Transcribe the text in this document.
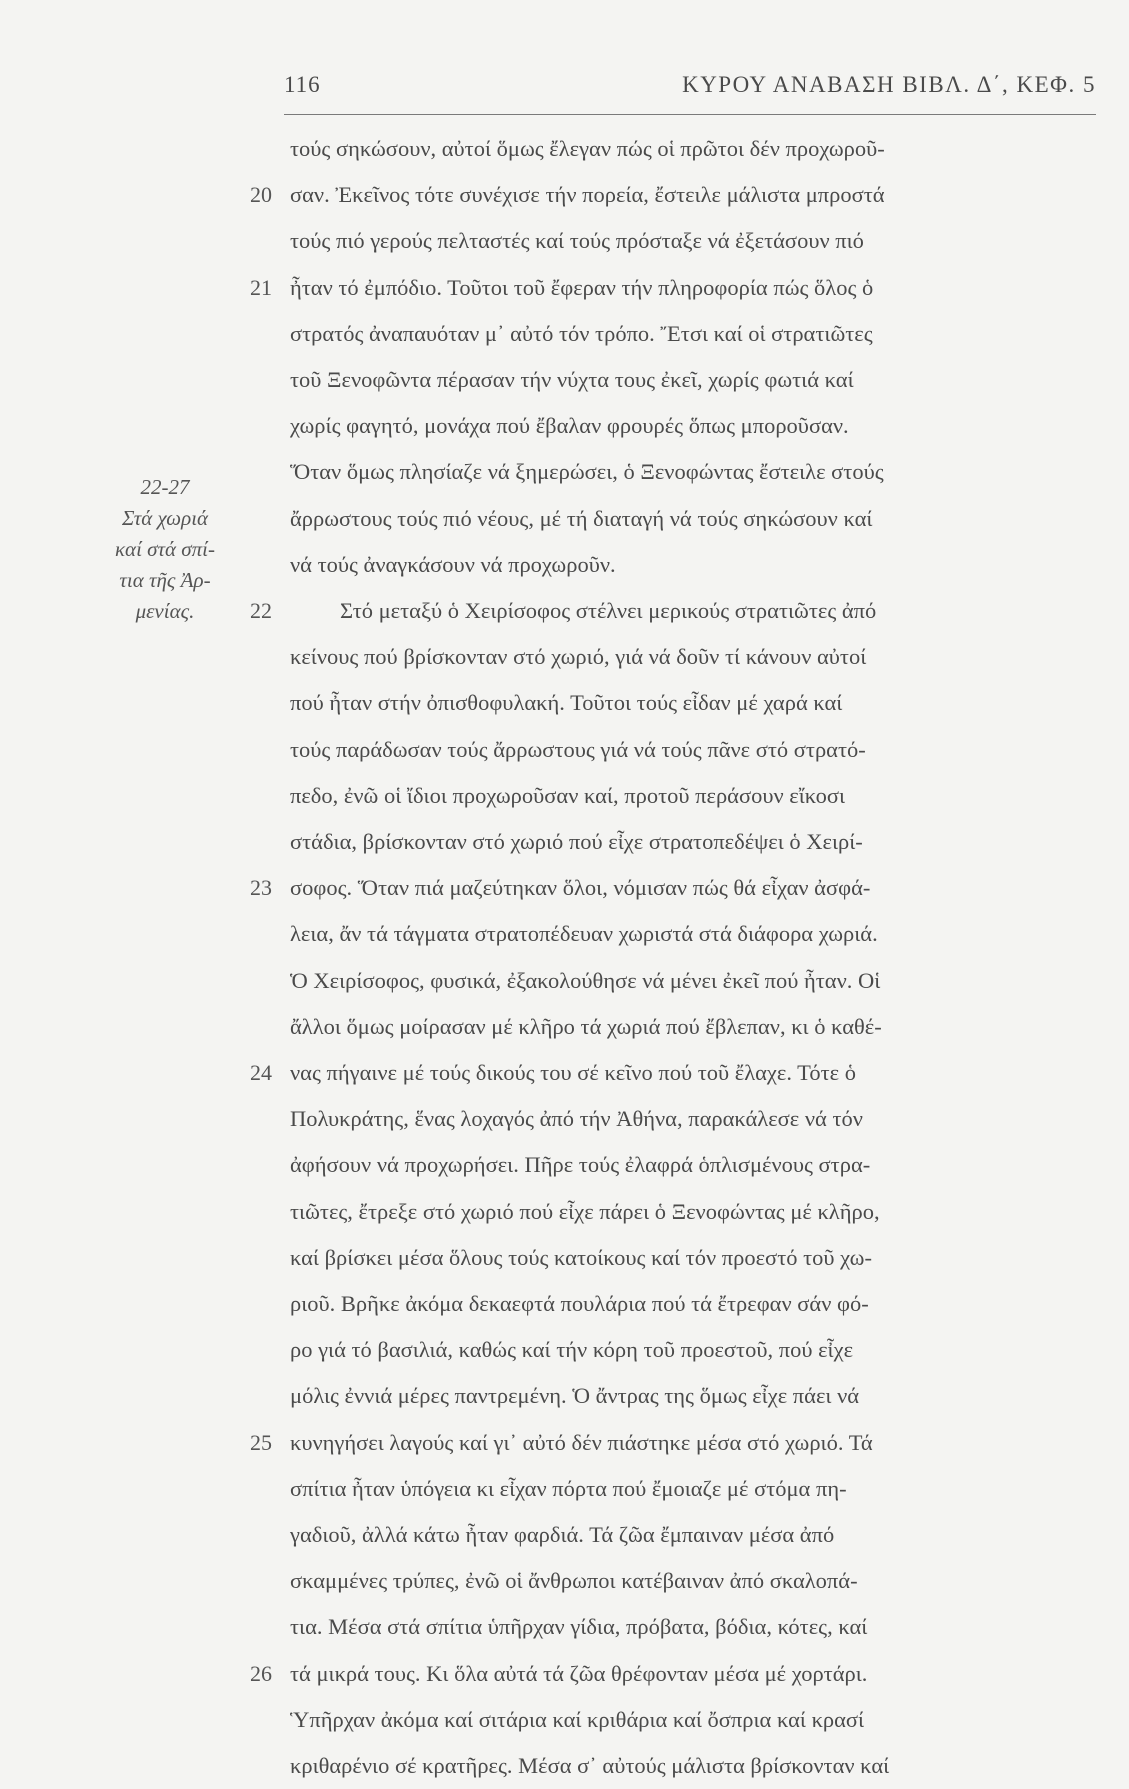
116	ΚΥΡΟΥ ΑΝΑΒΑΣΗ ΒΙΒΛ. Δ΄, ΚΕΦ. 5
22-27
Στά χωριά
καί στά σπί-
τια τῆς Ἀρ-
μενίας.
τούς σηκώσουν, αὐτοί ὅμως ἔλεγαν πώς οἱ πρῶτοι δέν προχωροῦ-
20 σαν. Ἐκεῖνος τότε συνέχισε τήν πορεία, ἔστειλε μάλιστα μπροστά
τούς πιό γερούς πελταστές καί τούς πρόσταξε νά ἐξετάσουν πιό
21 ἦταν τό ἐμπόδιο. Τοῦτοι τοῦ ἔφεραν τήν πληροφορία πώς ὅλος ὁ
στρατός ἀναπαυόταν μ᾽ αὐτό τόν τρόπο. Ἔτσι καί οἱ στρατιῶτες
τοῦ Ξενοφῶντα πέρασαν τήν νύχτα τους ἐκεῖ, χωρίς φωτιά καί
χωρίς φαγητό, μονάχα πού ἔβαλαν φρουρές ὅπως μποροῦσαν.
Ὅταν ὅμως πλησίαζε νά ξημερώσει, ὁ Ξενοφώντας ἔστειλε στούς
ἄρρωστους τούς πιό νέους, μέ τή διαταγή νά τούς σηκώσουν καί
νά τούς ἀναγκάσουν νά προχωροῦν.
22	Στό μεταξύ ὁ Χειρίσοφος στέλνει μερικούς στρατιῶτες ἀπό
κείνους πού βρίσκονταν στό χωριό, γιά νά δοῦν τί κάνουν αὐτοί
πού ἦταν στήν ὀπισθοφυλακή. Τοῦτοι τούς εἶδαν μέ χαρά καί
τούς παράδωσαν τούς ἄρρωστους γιά νά τούς πᾶνε στό στρατό-
πεδο, ἐνῶ οἱ ἴδιοι προχωροῦσαν καί, προτοῦ περάσουν εἴκοσι
στάδια, βρίσκονταν στό χωριό πού εἶχε στρατοπεδέψει ὁ Χειρί-
23 σοφος. Ὅταν πιά μαζεύτηκαν ὅλοι, νόμισαν πώς θά εἶχαν ἀσφά-
λεια, ἄν τά τάγματα στρατοπέδευαν χωριστά στά διάφορα χωριά.
Ὁ Χειρίσοφος, φυσικά, ἐξακολούθησε νά μένει ἐκεῖ πού ἦταν. Οἱ
ἄλλοι ὅμως μοίρασαν μέ κλῆρο τά χωριά πού ἔβλεπαν, κι ὁ καθέ-
24 νας πήγαινε μέ τούς δικούς του σέ κεῖνο πού τοῦ ἔλαχε. Τότε ὁ
Πολυκράτης, ἕνας λοχαγός ἀπό τήν Ἀθήνα, παρακάλεσε νά τόν
ἀφήσουν νά προχωρήσει. Πῆρε τούς ἐλαφρά ὁπλισμένους στρα-
τιῶτες, ἔτρεξε στό χωριό πού εἶχε πάρει ὁ Ξενοφώντας μέ κλῆρο,
καί βρίσκει μέσα ὅλους τούς κατοίκους καί τόν προεστό τοῦ χω-
ριοῦ. Βρῆκε ἀκόμα δεκαεφτά πουλάρια πού τά ἔτρεφαν σάν φό-
ρο γιά τό βασιλιά, καθώς καί τήν κόρη τοῦ προεστοῦ, πού εἶχε
μόλις ἐννιά μέρες παντρεμένη. Ὁ ἄντρας της ὅμως εἶχε πάει νά
25 κυνηγήσει λαγούς καί γι᾽ αὐτό δέν πιάστηκε μέσα στό χωριό. Τά
σπίτια ἦταν ὑπόγεια κι εἶχαν πόρτα πού ἔμοιαζε μέ στόμα πη-
γαδιοῦ, ἀλλά κάτω ἦταν φαρδιά. Τά ζῶα ἔμπαιναν μέσα ἀπό
σκαμμένες τρύπες, ἐνῶ οἱ ἄνθρωποι κατέβαιναν ἀπό σκαλοπά-
τια. Μέσα στά σπίτια ὑπῆρχαν γίδια, πρόβατα, βόδια, κότες, καί
26 τά μικρά τους. Κι ὅλα αὐτά τά ζῶα θρέφονταν μέσα μέ χορτάρι.
Ὑπῆρχαν ἀκόμα καί σιτάρια καί κριθάρια καί ὄσπρια καί κρασί
κριθαρένιο σέ κρατῆρες. Μέσα σ᾽ αὐτούς μάλιστα βρίσκονταν καί
